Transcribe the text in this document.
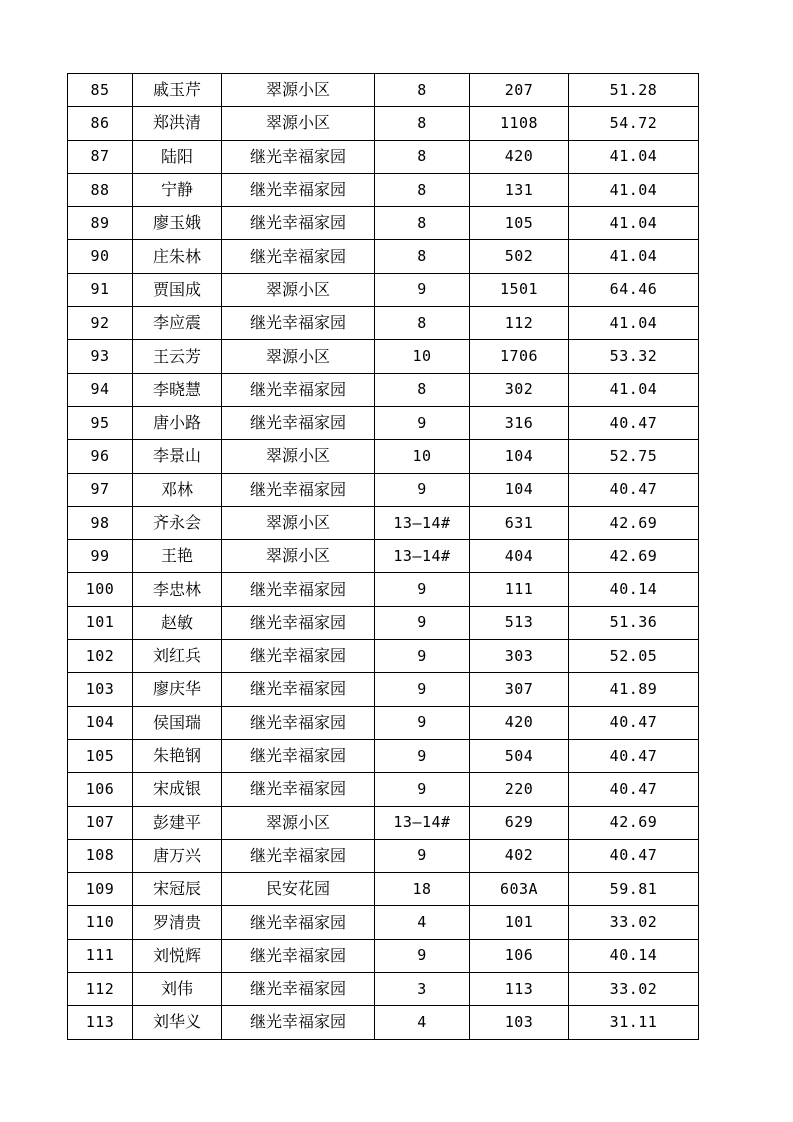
85	戚玉芹	翠源小区	8	207	51.28
86	郑洪清	翠源小区	8	1108	54.72
87	陆阳	继光幸福家园	8	420	41.04
88	宁静	继光幸福家园	8	131	41.04
89	廖玉娥	继光幸福家园	8	105	41.04
90	庄朱林	继光幸福家园	8	502	41.04
91	贾国成	翠源小区	9	1501	64.46
92	李应震	继光幸福家园	8	112	41.04
93	王云芳	翠源小区	10	1706	53.32
94	李晓慧	继光幸福家园	8	302	41.04
95	唐小路	继光幸福家园	9	316	40.47
96	李景山	翠源小区	10	104	52.75
97	邓林	继光幸福家园	9	104	40.47
98	齐永会	翠源小区	13—14#	631	42.69
99	王艳	翠源小区	13—14#	404	42.69
100	李忠林	继光幸福家园	9	111	40.14
101	赵敏	继光幸福家园	9	513	51.36
102	刘红兵	继光幸福家园	9	303	52.05
103	廖庆华	继光幸福家园	9	307	41.89
104	侯国瑞	继光幸福家园	9	420	40.47
105	朱艳钢	继光幸福家园	9	504	40.47
106	宋成银	继光幸福家园	9	220	40.47
107	彭建平	翠源小区	13—14#	629	42.69
108	唐万兴	继光幸福家园	9	402	40.47
109	宋冠辰	民安花园	18	603A	59.81
110	罗清贵	继光幸福家园	4	101	33.02
111	刘悦辉	继光幸福家园	9	106	40.14
112	刘伟	继光幸福家园	3	113	33.02
113	刘华义	继光幸福家园	4	103	31.11
